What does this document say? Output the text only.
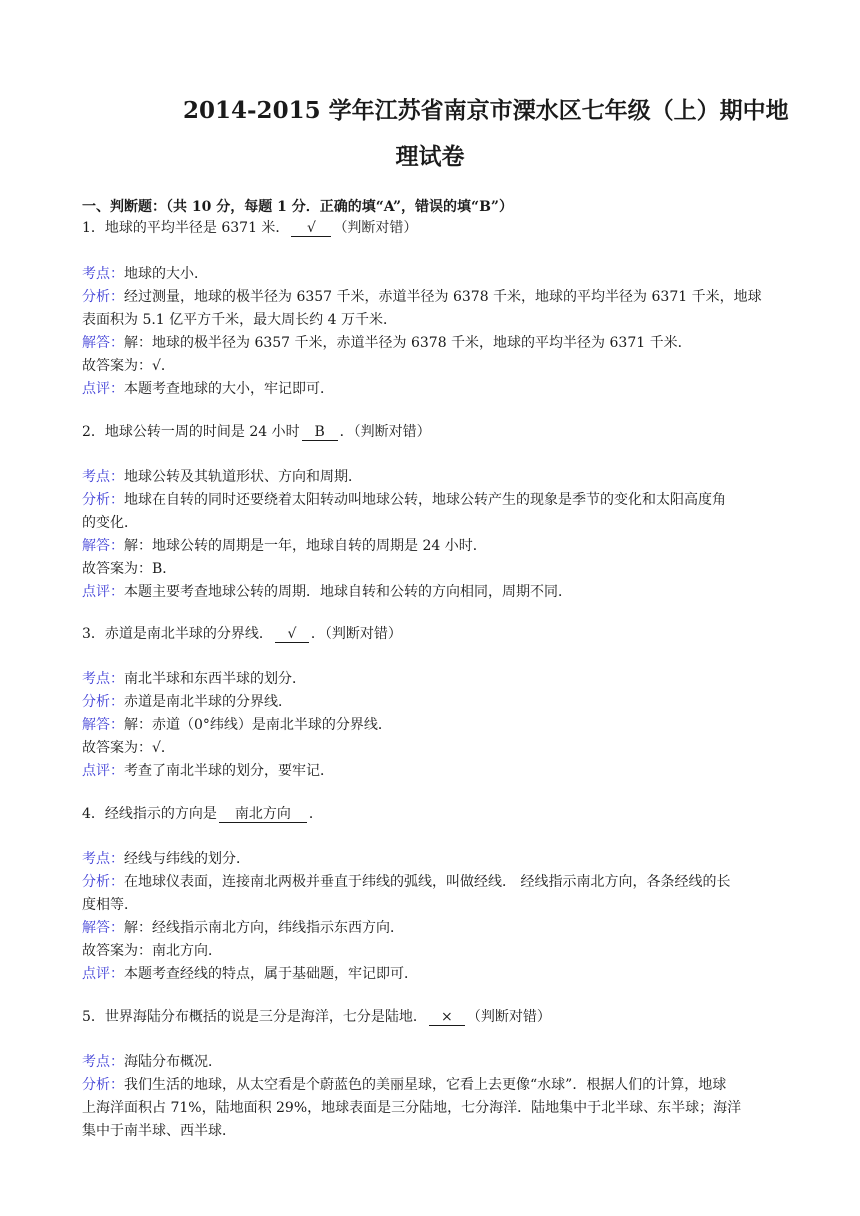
2014-2015 学年江苏省南京市溧水区七年级（上）期中地
理试卷
一、判断题：（共 10 分，每题 1 分．正确的填“A”，错误的填“B”）
1．地球的平均半径是 6371 米． √ （判断对错）
考点：地球的大小．
分析：经过测量，地球的极半径为 6357 千米，赤道半径为 6378 千米，地球的平均半径为 6371 千米，地球
表面积为 5.1 亿平方千米，最大周长约 4 万千米．
解答：解：地球的极半径为 6357 千米，赤道半径为 6378 千米，地球的平均半径为 6371 千米．
故答案为：√．
点评：本题考查地球的大小，牢记即可．
2．地球公转一周的时间是 24 小时 B ．（判断对错）
考点：地球公转及其轨道形状、方向和周期．
分析：地球在自转的同时还要绕着太阳转动叫地球公转，地球公转产生的现象是季节的变化和太阳高度角
的变化．
解答：解：地球公转的周期是一年，地球自转的周期是 24 小时．
故答案为：B．
点评：本题主要考查地球公转的周期．地球自转和公转的方向相同，周期不同．
3．赤道是南北半球的分界线． √ ．（判断对错）
考点：南北半球和东西半球的划分．
分析：赤道是南北半球的分界线．
解答：解：赤道（0°纬线）是南北半球的分界线．
故答案为：√．
点评：考查了南北半球的划分，要牢记．
4．经线指示的方向是 南北方向 ．
考点：经线与纬线的划分．
分析：在地球仪表面，连接南北两极并垂直于纬线的弧线，叫做经线． 经线指示南北方向，各条经线的长
度相等．
解答：解：经线指示南北方向，纬线指示东西方向．
故答案为：南北方向．
点评：本题考查经线的特点，属于基础题，牢记即可．
5．世界海陆分布概括的说是三分是海洋，七分是陆地． × （判断对错）
考点：海陆分布概况．
分析：我们生活的地球，从太空看是个蔚蓝色的美丽星球，它看上去更像“水球”．根据人们的计算，地球
上海洋面积占 71%，陆地面积 29%，地球表面是三分陆地，七分海洋．陆地集中于北半球、东半球；海洋
集中于南半球、西半球．
